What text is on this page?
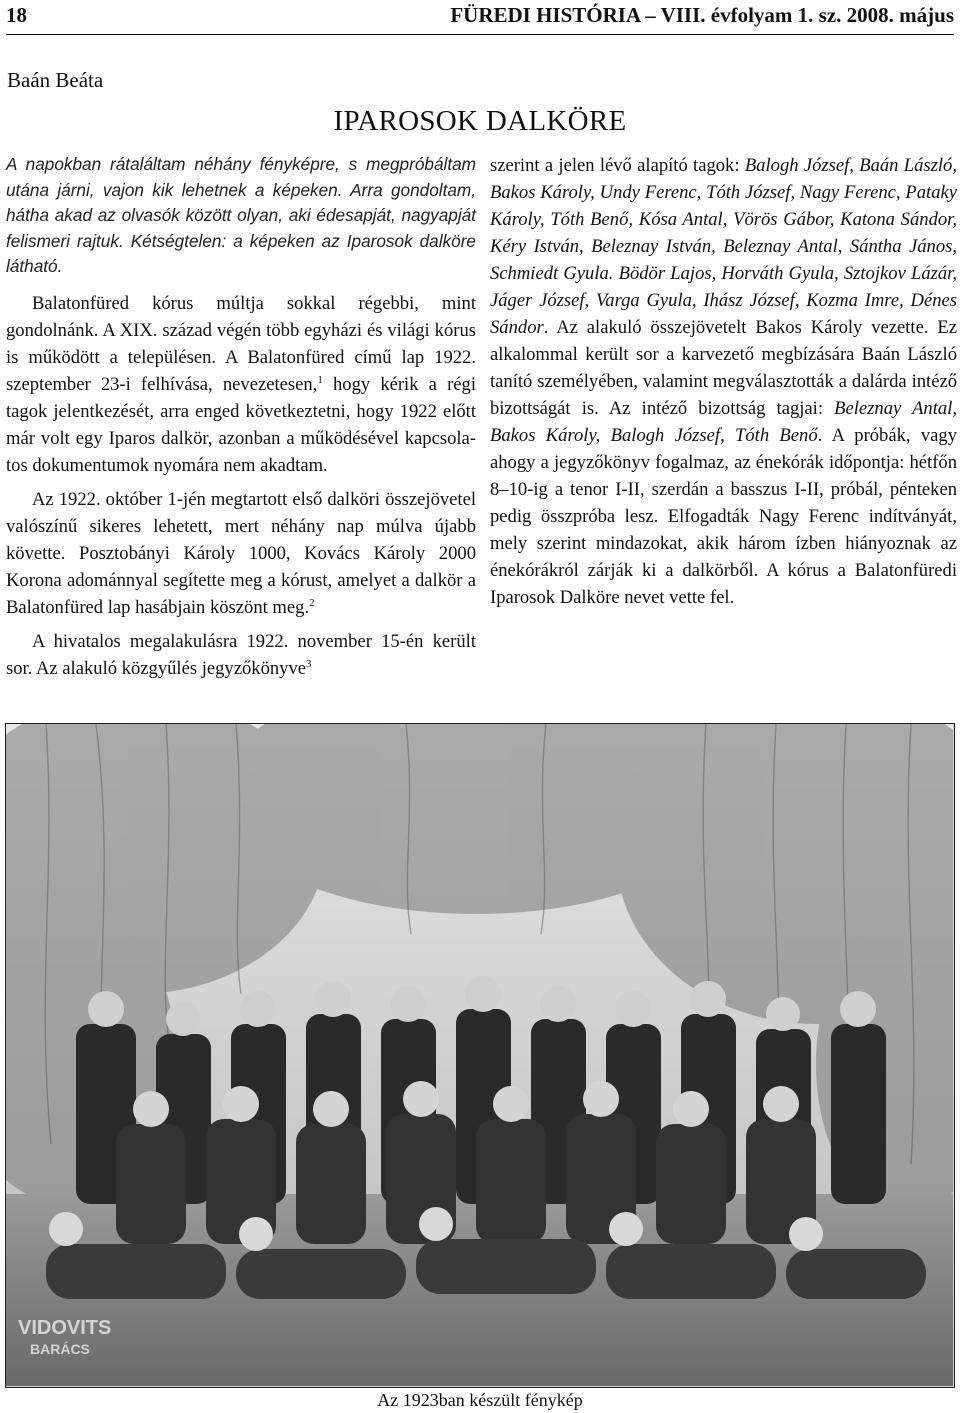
18	FÜREDI HISTÓRIA – VIII. évfolyam 1. sz. 2008. május
Baán Beáta
IPAROSOK DALKÖRE

A napokban rátaláltam néhány fényképre, s megpróbáltam utána járni, vajon kik lehetnek a képeken. Arra gondoltam, hátha akad az olvasók között olyan, aki édesapját, nagyapját felismeri rajtuk. Kétségtelen: a képeken az Iparosok dalköre látható.

Balatonfüred kórus múltja sokkal régebbi, mint gondolnánk. A XIX. század végén több egyházi és világi kórus is működött a településen. A Balatonfüred című lap 1922. szeptember 23-i felhívása, nevezetesen,$^1$ hogy kérik a régi tagok jelentkezését, arra enged következtetni, hogy 1922 előtt már volt egy Iparos dalkör, azonban a működésével kapcsolatos dokumentumok nyomára nem akadtam.

Az 1922. október 1-jén megtartott első dalköri összejövetel valószínű sikeres lehetett, mert néhány nap múlva újabb követte. Posztobányi Károly 1000, Kovács Károly 2000 Korona adománnyal segítette meg a kórust, amelyet a dalkör a Balatonfüred lap hasábjain köszönt meg.$^2$

A hivatalos megalakulásra 1922. november 15-én került sor. Az alakuló közgyűlés jegyzőkönyve$^3$

szerint a jelen lévő alapító tagok: Balogh József, Baán László, Bakos Károly, Undy Ferenc, Tóth József, Nagy Ferenc, Pataky Károly, Tóth Benő, Kósa Antal, Vörös Gábor, Katona Sándor, Kéry István, Beleznay István, Beleznay Antal, Sántha János, Schmiedt Gyula. Bödör Lajos, Horváth Gyula, Sztojkov Lázár, Jáger József, Varga Gyula, Ihász József, Kozma Imre, Dénes Sándor. Az alakuló összejövetelt Bakos Károly vezette. Ez alkalommal került sor a karvezető megbízására Baán László tanító személyében, valamint megválasztották a dalárda intéző bizottságát is. Az intéző bizottság tagjai: Beleznay Antal, Bakos Károly, Balogh József, Tóth Benő. A próbák, vagy ahogy a jegyzőkönyv fogalmaz, az énekórák időpontja: hétfőn 8–10-ig a tenor I-II, szerdán a basszus I-II, próbál, pénteken pedig összpróba lesz. Elfogadták Nagy Ferenc indítványát, mely szerint mindazokat, akik három ízben hiányoznak az énekórákról zárják ki a dalkörből. A kórus a Balatonfüredi Iparosok Dalköre nevet vette fel.

VIDOVITS
BARÁCS
Az 1923ban készült fénykép
